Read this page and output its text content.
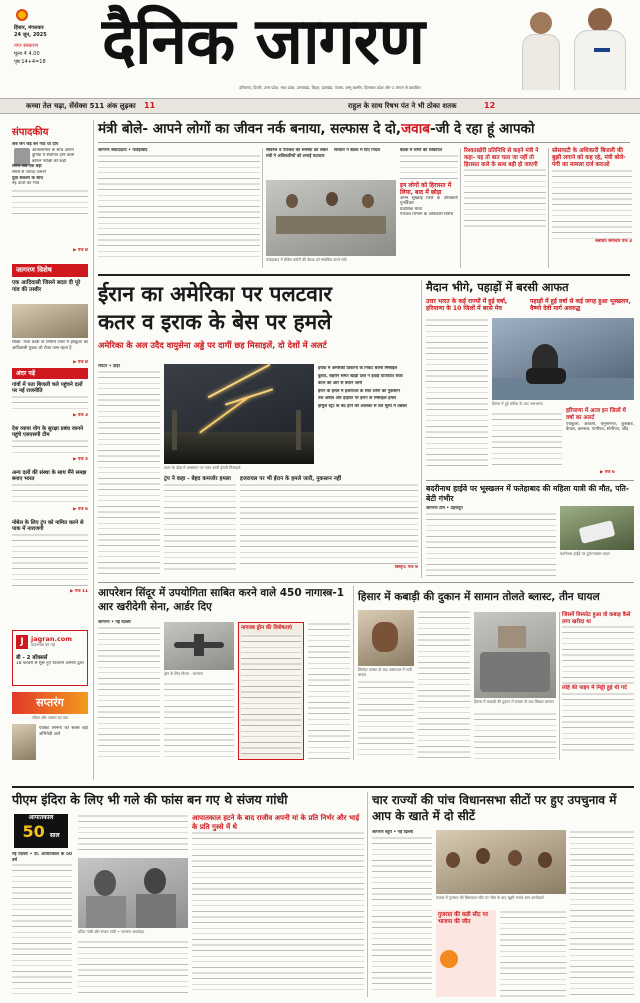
हिंसार, मंगलवार
24 जून, 2025
नगर संस्करण
मूल्य ₹ 4.00
पृष्ठ 14+4=18 दैनिक जागरण
हरियाणा, दिल्ली, उत्तर प्रदेश, मध्य प्रदेश, उत्तराखंड, बिहार, झारखंड, पंजाब, जम्मू कश्मीर, हिमाचल प्रदेश और प. बंगाल से प्रकाशित
कच्चा तेल चढ़ा, सेंसेक्स 511 अंक लुढ़का 11	राहुल के साथ रिषभ पंत ने भी ठोका शतक	12
संपादकीय
जब जेन जेड़ बन गया था दीप
आत्मसम्मान के साथ आपने
दुनिया में स्थापित होने वाली
कठिन परीक्षा की कड़ी
समय जब एक बड़ी
संघर्ष से ज्यादा जरूरी
युवा संकल्प के साथ
नई ऊर्जा का भाव
▶ पेज 8
जागरण विशेष
एक आदिवासी जिसने बदल दी पूरे गांव की तस्वीर
शिक्षा: मध्य प्रदेश के नियमो जिले में झाबुआ का आदिवासी युवक जो रोज़ा पास रहता है
▶ पेज 8
अंदर पढ़ें
गांवों में पता बिजली चले पहुंचने दलों पर नई राजनीति
▶ पेज 3
देश व्यापा योग के सुरक्षा प्रबंध जानने पहुंचे एसएसपी टीम
▶ पेज 5
अन्य दलों की संस्था के साथ मैंने समझ बनाए भारत
▶ पेज 6
नोबेल के लिए ट्रंप को नामित करने से पाक में नाराजगी
▶ पेज 11
J	jagran.com
डाउनलोड कर पढ़ें
बी - 2 बॉक्सर्स
18 फरवरी से शुरू हुए विजयन अमरेश द्वारा
सप्तरंग
जीवन और आराम का पता
पत्रिका सिनेमा की सबसे बड़ी अभिनेत्री आने
मंत्री बोले- आपने लोगों का जीवन नर्क बनाया, सल्फास दे दो,जवाब-जी दे रहा हूं आपको
जागरण संवाददाता • फतेहाबाद	सीवरेज व पेयजल की समस्या को लेकर मंत्री ने अधिकारियों को लगाई फटकार
सरकार ने बैठक में दिए निर्देश
फतेहाबाद में ग्रीवेंस कमेटी की बैठक को संबोधित करते मंत्री
बैठक में लोगों की शिकायत
इन लोगों को हिरासत में लिया, बाद में छोड़ा
अमन सुख्ताई जिले के अधिकारी पुनर्विचार
प्रादेशिक मोर्चा
पेयजल विभाग के अधिकारी विरोध
रिश्वतखोरी प्रतिनिधि से कहने मंत्री ने कहा- यह तो बात चला जा नहीं तो हिरासत वाले के साथ बड़ी हो जाएगी
सोसायटी के अधिकारी बिजली की बुझी लगाने को कह रहे, मंत्री बोले- पंगी का मामला दर्ज कराओ
संबंधित समाचार पेज 3
ईरान का अमेरिका पर पलटवार
कतर व इराक के बेस पर हमले
अमेरिका के अल उदैद वायुसेना अड्डे पर दागीं छह मिसाइलें, दो देशों में अलर्ट
रायटर • दोहा
कतर के दोहा में आसमान पर नजर आती ईरानी मिसाइलें
इराक में अमेरिकी ठिकानों के निकट बरसी मिसाइलें
कुवैत, बहरीन समेत खाड़ी देशों ने हवाई यातायात रोका
कतर की ओर से बयान जारी
ईरान के हमले में इजरायल के सात लोगों को नुकसान
तेल अवीव और हाइफा पर ईरान के मिसाइल हमले
होर्मुज स्ट्रेट के बंद होने की आशंका से तेल मूल्य में उछाल
ट्रंप ने कहा - बेहद कमजोर हमला	इजरायल पर भी ईरान के हमले जारी, नुकसान नहीं
विस्तृत: पेज 9
मैदान भीगे, पहाड़ों में बरसी आफत
उत्तर भारत के कई राज्यों में हुई वर्षा, हरियाणा के 10 जिलों में बरसे मेघ
पहाड़ों में हुई वर्षा से कई जगह हुआ भूस्खलन, वैष्णो देवी मार्ग अवरुद्ध
हिसार में हुई बारिश के बाद जलभराव
हरियाणा में आज इन जिलों में वर्षा का अलर्ट
पंचकूला, अंबाला, यमुनानगर, कुरुक्षेत्र, कैथल, करनाल, पानीपत, सोनीपत, जींद
▶ पेज 6
बदरीनाथ हाईवे पर भूस्खलन में फतेहाबाद की महिला यात्री की मौत, पति-बेटी गंभीर
जागरण टीम • देहरादून
बदरीनाथ हाईवे पर दुर्घटनाग्रस्त वाहन
आपरेशन सिंदूर में उपयोगिता साबित करने वाले 450 नागास्त्र-1 आर खरीदेगी सेना, आर्डर दिए
जागरण • नई दिल्ली
ड्रोन के लिए नियम - जागरण
नागास्त्र ड्रोन की विशेषताएं
हिसार में कबाड़ी की दुकान में सामान तोलते ब्लास्ट, तीन घायल
सिलेंडर ब्लास्ट के बाद अस्पताल में भर्ती घायल
हिसार में कबाड़ी की दुकान में ब्लास्ट के बाद बिखरा सामान
जिसमें विस्फोट हुआ वो कबाड़ कैसे लगा खरीदा था
लोहे की पाइप में मिट्टी हुई थी गर्द
पीएम इंदिरा के लिए भी गले की फांस बन गए थे संजय गांधी
आपातकाल
50 साल
नई दिल्ली • डॉ. आपातकाल के 50 वर्ष
इंदिरा गांधी और संजय गांधी • जागरण आर्काइव
आपातकाल हटने के बाद राजीव अपनी मां के प्रति निर्भर और भाई के प्रति गुस्से में थे
चार राज्यों की पांच विधानसभा सीटों पर हुए उपचुनाव में आप के खाते में दो सीटें
जागरण ब्यूरो • नई दिल्ली
पंजाब में गुजरात की विसावदर सीट पर जीत के बाद खुशी मनाते आप कार्यकर्ता
गुजरात की कडी सीट पर भाजपा की जीत
